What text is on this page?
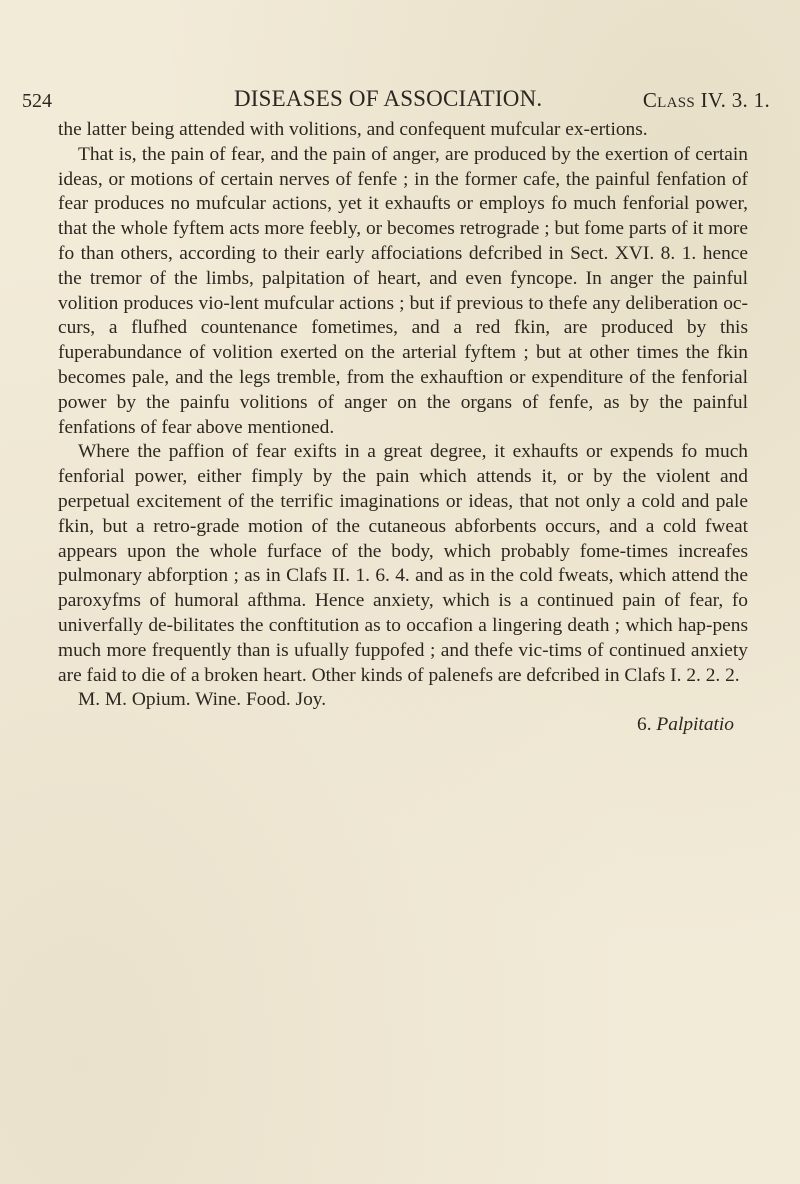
524	DISEASES OF ASSOCIATION.	Class IV. 3. 1.

the latter being attended with volitions, and confequent mufcular ex-ertions.

That is, the pain of fear, and the pain of anger, are produced by the exertion of certain ideas, or motions of certain nerves of fenfe ; in the former cafe, the painful fenfation of fear produces no mufcular actions, yet it exhaufts or employs fo much fenforial power, that the whole fyftem acts more feebly, or becomes retrograde ; but fome parts of it more fo than others, according to their early affociations defcribed in Sect. XVI. 8. 1. hence the tremor of the limbs, palpitation of heart, and even fyncope. In anger the painful volition produces vio-lent mufcular actions ; but if previous to thefe any deliberation oc-curs, a flufhed countenance fometimes, and a red fkin, are produced by this fuperabundance of volition exerted on the arterial fyftem ; but at other times the fkin becomes pale, and the legs tremble, from the exhauftion or expenditure of the fenforial power by the painfu volitions of anger on the organs of fenfe, as by the painful fenfations of fear above mentioned.

Where the paffion of fear exifts in a great degree, it exhaufts or expends fo much fenforial power, either fimply by the pain which attends it, or by the violent and perpetual excitement of the terrific imaginations or ideas, that not only a cold and pale fkin, but a retro-grade motion of the cutaneous abforbents occurs, and a cold fweat appears upon the whole furface of the body, which probably fome-times increafes pulmonary abforption ; as in Clafs II. 1. 6. 4. and as in the cold fweats, which attend the paroxyfms of humoral afthma. Hence anxiety, which is a continued pain of fear, fo univerfally de-bilitates the conftitution as to occafion a lingering death ; which hap-pens much more frequently than is ufually fuppofed ; and thefe vic-tims of continued anxiety are faid to die of a broken heart. Other kinds of palenefs are defcribed in Clafs I. 2. 2. 2.

M. M. Opium. Wine. Food. Joy.

6. Palpitatio
